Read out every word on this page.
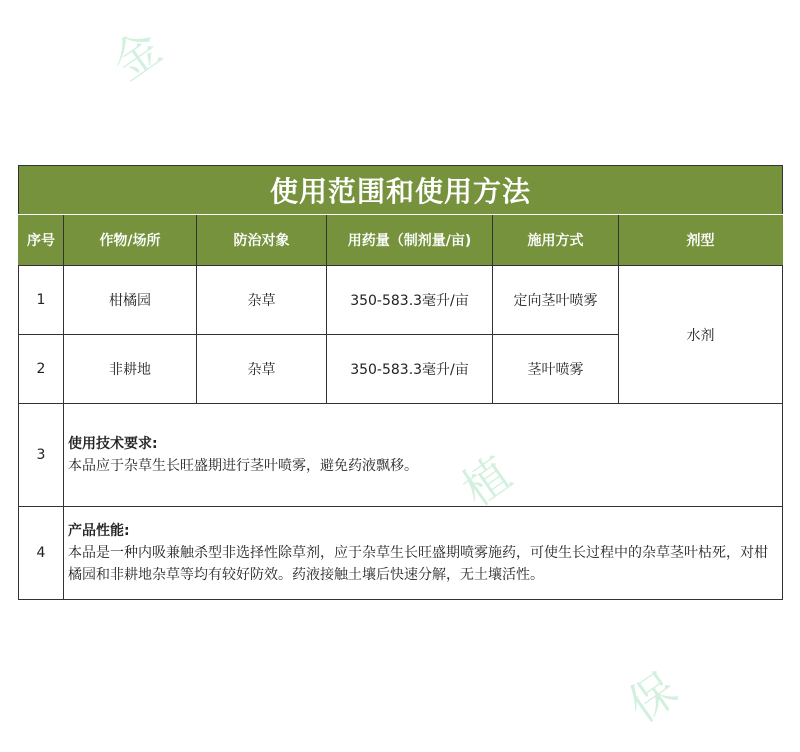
金
植
保
使用范围和使用方法					
序号	作物/场所	防治对象	用药量（制剂量/亩)	施用方式	剂型
1	柑橘园	杂草	350-583.3毫升/亩	定向茎叶喷雾	水剂
2	非耕地	杂草	350-583.3毫升/亩	茎叶喷雾	
3	使用技术要求:
本品应于杂草生长旺盛期进行茎叶喷雾，避免药液飘移。				
4	产品性能:
本品是一种内吸兼触杀型非选择性除草剂，应于杂草生长旺盛期喷雾施药，可使生长过程中的杂草茎叶枯死，对柑橘园和非耕地杂草等均有较好防效。药液接触土壤后快速分解，无土壤活性。				
